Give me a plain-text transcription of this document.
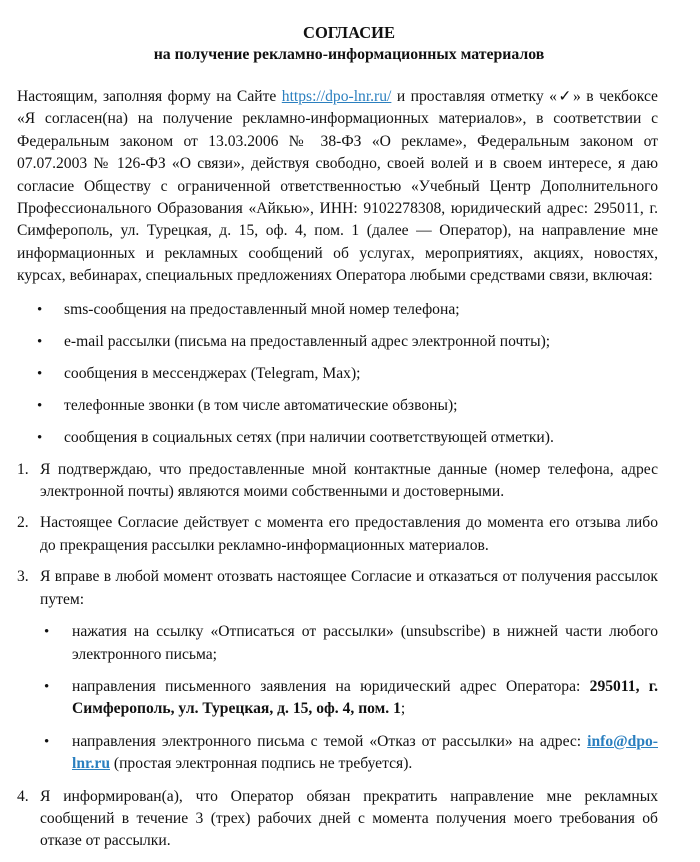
СОГЛАСИЕ
на получение рекламно-информационных материалов

Настоящим, заполняя форму на Сайте https://dpo-lnr.ru/ и проставляя отметку «✓» в чекбоксе «Я согласен(на) на получение рекламно-информационных материалов», в соответствии с Федеральным законом от 13.03.2006 № 38-ФЗ «О рекламе», Федеральным законом от 07.07.2003 № 126-ФЗ «О связи», действуя свободно, своей волей и в своем интересе, я даю согласие Обществу с ограниченной ответственностью «Учебный Центр Дополнительного Профессионального Образования «Айкью», ИНН: 9102278308, юридический адрес: 295011, г. Симферополь, ул. Турецкая, д. 15, оф. 4, пом. 1 (далее — Оператор), на направление мне информационных и рекламных сообщений об услугах, мероприятиях, акциях, новостях, курсах, вебинарах, специальных предложениях Оператора любыми средствами связи, включая:

• sms-сообщения на предоставленный мной номер телефона;
• e-mail рассылки (письма на предоставленный адрес электронной почты);
• сообщения в мессенджерах (Telegram, Max);
• телефонные звонки (в том числе автоматические обзвоны);
• сообщения в социальных сетях (при наличии соответствующей отметки).
1. Я подтверждаю, что предоставленные мной контактные данные (номер телефона, адрес электронной почты) являются моими собственными и достоверными.
2. Настоящее Согласие действует с момента его предоставления до момента его отзыва либо до прекращения рассылки рекламно-информационных материалов.
3. Я вправе в любой момент отозвать настоящее Согласие и отказаться от получения рассылок путем:
• нажатия на ссылку «Отписаться от рассылки» (unsubscribe) в нижней части любого электронного письма;
• направления письменного заявления на юридический адрес Оператора: 295011, г. Симферополь, ул. Турецкая, д. 15, оф. 4, пом. 1;
• направления электронного письма с темой «Отказ от рассылки» на адрес: info@dpo-lnr.ru (простая электронная подпись не требуется).
4. Я информирован(а), что Оператор обязан прекратить направление мне рекламных сообщений в течение 3 (трех) рабочих дней с момента получения моего требования об отказе от рассылки.
